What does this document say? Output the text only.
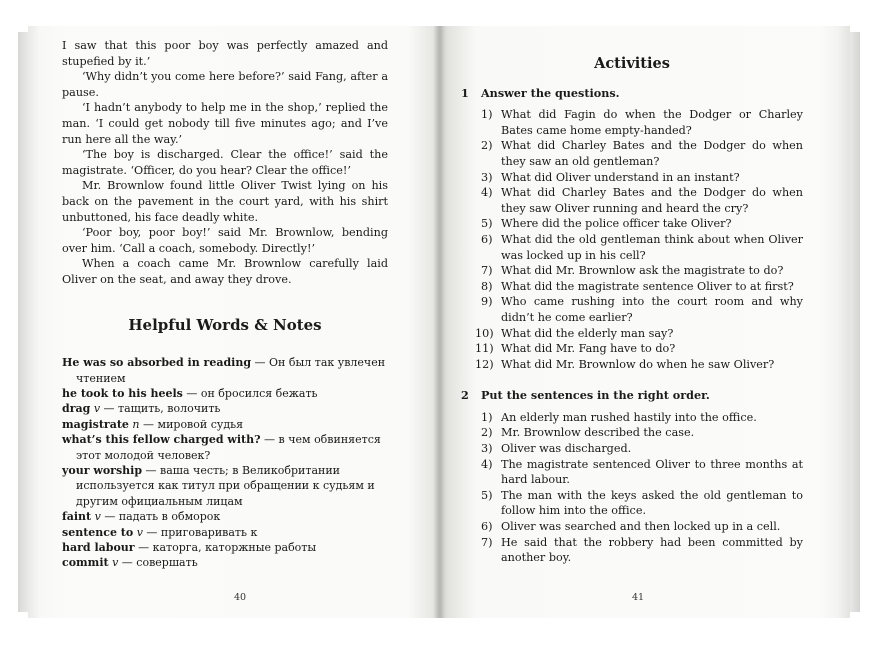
I saw that this poor boy was perfectly amazed and stupefied by it.’

‘Why didn’t you come here before?’ said Fang, after a pause.

‘I hadn’t anybody to help me in the shop,’ replied the man. ‘I could get nobody till five minutes ago; and I’ve run here all the way.’

‘The boy is discharged. Clear the office!’ said the magistrate. ‘Officer, do you hear? Clear the office!’

Mr. Brownlow found little Oliver Twist lying on his back on the pavement in the court yard, with his shirt unbuttoned, his face deadly white.

‘Poor boy, poor boy!’ said Mr. Brownlow, bending over him. ‘Call a coach, somebody. Directly!’

When a coach came Mr. Brownlow carefully laid Oliver on the seat, and away they drove.

Helpful Words & Notes

He was so absorbed in reading — Он был так увлечен чтением

he took to his heels — он бросился бежать

drag v — тащить, волочить

magistrate n — мировой судья

what’s this fellow charged with? — в чем обвиняется этот молодой человек?

your worship — ваша честь; в Великобритании используется как титул при обращении к судьям и другим официальным лицам

faint v — падать в обморок

sentence to v — приговаривать к

hard labour — каторга, каторжные работы

commit v — совершать

40
Activities
1 Answer the questions.
1) What did Fagin do when the Dodger or Charley Bates came home empty-handed?
2) What did Charley Bates and the Dodger do when they saw an old gentleman?
3) What did Oliver understand in an instant?
4) What did Charley Bates and the Dodger do when they saw Oliver running and heard the cry?
5) Where did the police officer take Oliver?
6) What did the old gentleman think about when Oliver was locked up in his cell?
7) What did Mr. Brownlow ask the magistrate to do?
8) What did the magistrate sentence Oliver to at first?
9) Who came rushing into the court room and why didn’t he come earlier?
10) What did the elderly man say?
11) What did Mr. Fang have to do?
12) What did Mr. Brownlow do when he saw Oliver?
2 Put the sentences in the right order.
1) An elderly man rushed hastily into the office.
2) Mr. Brownlow described the case.
3) Oliver was discharged.
4) The magistrate sentenced Oliver to three months at hard labour.
5) The man with the keys asked the old gentleman to follow him into the office.
6) Oliver was searched and then locked up in a cell.
7) He said that the robbery had been committed by another boy.
41
